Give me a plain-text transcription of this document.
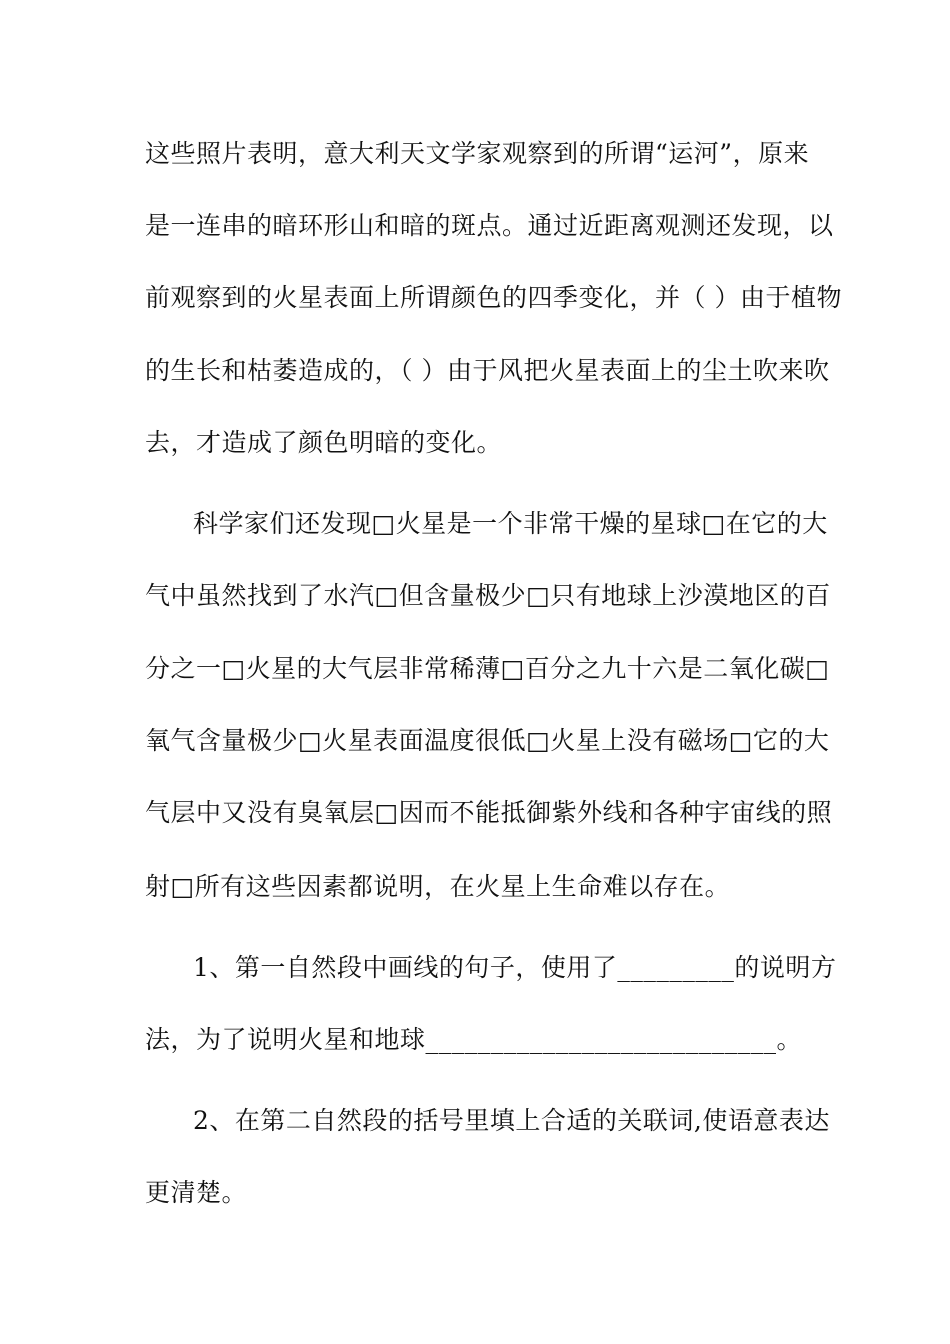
这些照片表明，意大利天文学家观察到的所谓“运河”，原来
是一连串的暗环形山和暗的斑点。通过近距离观测还发现，以
前观察到的火星表面上所谓颜色的四季变化，并（ ）由于植物
的生长和枯萎造成的，（ ）由于风把火星表面上的尘土吹来吹
去，才造成了颜色明暗的变化。
科学家们还发现□火星是一个非常干燥的星球□在它的大
气中虽然找到了水汽□但含量极少□只有地球上沙漠地区的百
分之一□火星的大气层非常稀薄□百分之九十六是二氧化碳□
氧气含量极少□火星表面温度很低□火星上没有磁场□它的大
气层中又没有臭氧层□因而不能抵御紫外线和各种宇宙线的照
射□所有这些因素都说明，在火星上生命难以存在。
1、第一自然段中画线的句子，使用了_________的说明方
法，为了说明火星和地球___________________________。
2、在第二自然段的括号里填上合适的关联词,使语意表达
更清楚。
